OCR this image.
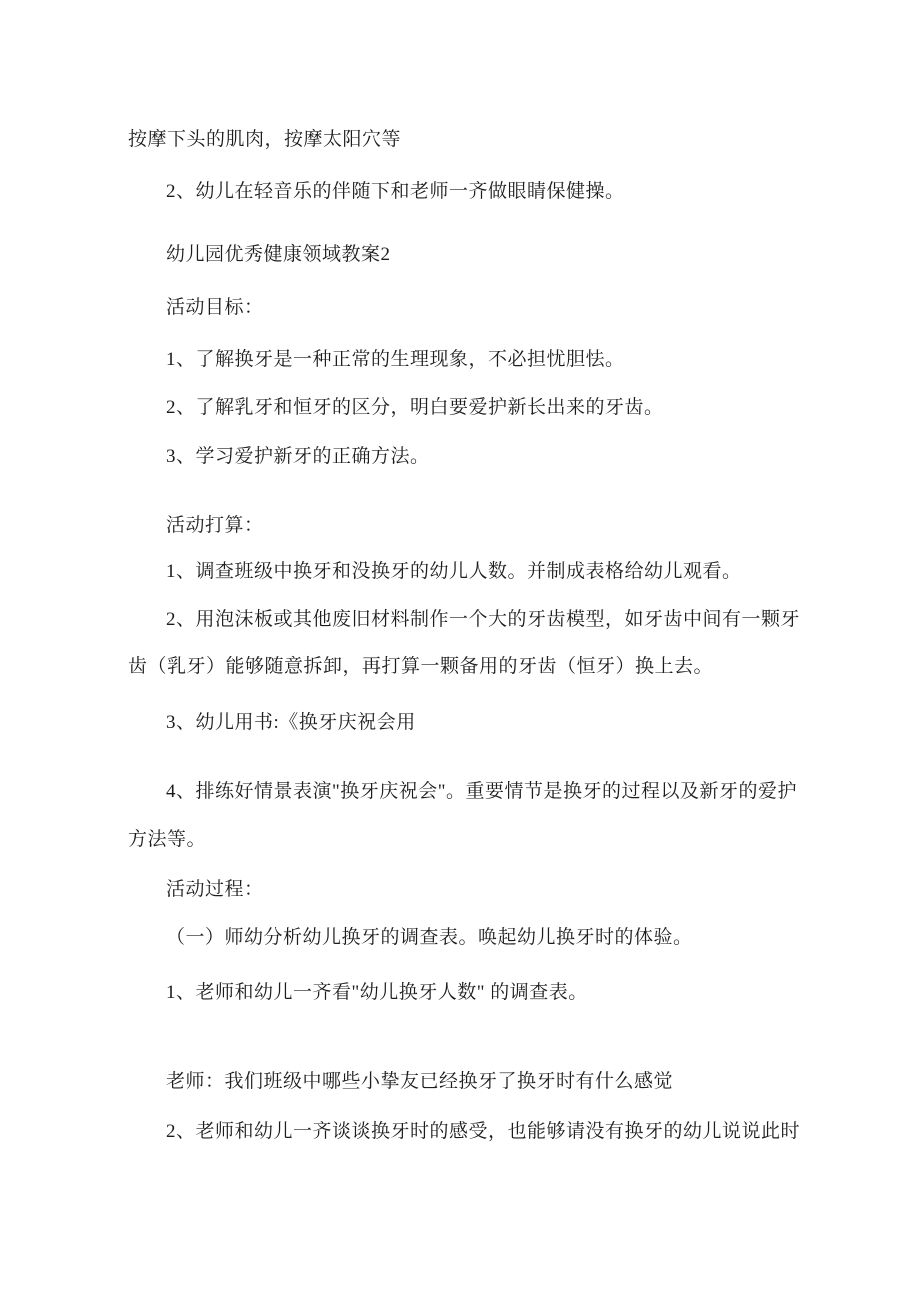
按摩下头的肌肉，按摩太阳穴等

2、幼儿在轻音乐的伴随下和老师一齐做眼睛保健操。

幼儿园优秀健康领域教案2

活动目标：

1、了解换牙是一种正常的生理现象，不必担忧胆怯。

2、了解乳牙和恒牙的区分，明白要爱护新长出来的牙齿。

3、学习爱护新牙的正确方法。

活动打算：

1、调查班级中换牙和没换牙的幼儿人数。并制成表格给幼儿观看。

2、用泡沫板或其他废旧材料制作一个大的牙齿模型，如牙齿中间有一颗牙

齿（乳牙）能够随意拆卸，再打算一颗备用的牙齿（恒牙）换上去。

3、幼儿用书:《换牙庆祝会用

4、排练好情景表演"换牙庆祝会"。重要情节是换牙的过程以及新牙的爱护

方法等。

活动过程：

（一）师幼分析幼儿换牙的调查表。唤起幼儿换牙时的体验。

1、老师和幼儿一齐看"幼儿换牙人数" 的调查表。

老师：我们班级中哪些小挚友已经换牙了换牙时有什么感觉

2、老师和幼儿一齐谈谈换牙时的感受，也能够请没有换牙的幼儿说说此时
